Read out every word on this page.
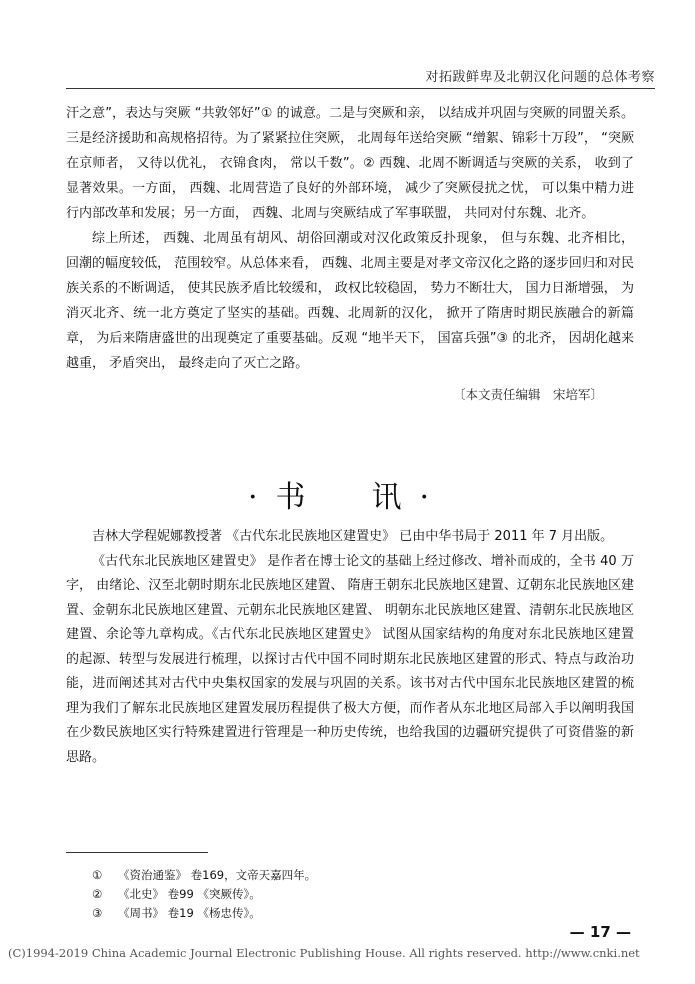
对拓跋鲜卑及北朝汉化问题的总体考察

汗之意”，表达与突厥 “共敦邻好”① 的诚意。二是与突厥和亲， 以结成并巩固与突厥的同盟关系。三是经济援助和高规格招待。为了紧紧拉住突厥， 北周每年送给突厥 “缯絮、锦彩十万段”， “突厥在京师者， 又待以优礼， 衣锦食肉， 常以千数”。② 西魏、北周不断调适与突厥的关系， 收到了显著效果。一方面， 西魏、北周营造了良好的外部环境， 减少了突厥侵扰之忧， 可以集中精力进行内部改革和发展；另一方面， 西魏、北周与突厥结成了军事联盟， 共同对付东魏、北齐。

综上所述， 西魏、北周虽有胡风、胡俗回潮或对汉化政策反扑现象， 但与东魏、北齐相比， 回潮的幅度较低， 范围较窄。从总体来看， 西魏、北周主要是对孝文帝汉化之路的逐步回归和对民族关系的不断调适， 使其民族矛盾比较缓和， 政权比较稳固， 势力不断壮大， 国力日渐增强， 为消灭北齐、统一北方奠定了坚实的基础。西魏、北周新的汉化， 掀开了隋唐时期民族融合的新篇章， 为后来隋唐盛世的出现奠定了重要基础。反观 “地半天下， 国富兵强”③ 的北齐， 因胡化越来越重， 矛盾突出， 最终走向了灭亡之路。

〔本文责任编辑　宋培军〕
·书　讯·

吉林大学程妮娜教授著 《古代东北民族地区建置史》 已由中华书局于 2011 年 7 月出版。

《古代东北民族地区建置史》 是作者在博士论文的基础上经过修改、增补而成的，全书 40 万字， 由绪论、汉至北朝时期东北民族地区建置、 隋唐王朝东北民族地区建置、辽朝东北民族地区建置、金朝东北民族地区建置、元朝东北民族地区建置、 明朝东北民族地区建置、清朝东北民族地区建置、余论等九章构成。《古代东北民族地区建置史》 试图从国家结构的角度对东北民族地区建置的起源、转型与发展进行梳理，以探讨古代中国不同时期东北民族地区建置的形式、特点与政治功能，进而阐述其对古代中央集权国家的发展与巩固的关系。该书对古代中国东北民族地区建置的梳理为我们了解东北民族地区建置发展历程提供了极大方便，而作者从东北地区局部入手以阐明我国在少数民族地区实行特殊建置进行管理是一种历史传统，也给我国的边疆研究提供了可资借鉴的新思路。

①	《资治通鉴》 卷169，文帝天嘉四年。
②	《北史》 卷99 《突厥传》。
③	《周书》 卷19 《杨忠传》。
— 17 —
(C)1994-2019 China Academic Journal Electronic Publishing House. All rights reserved. http://www.cnki.net
